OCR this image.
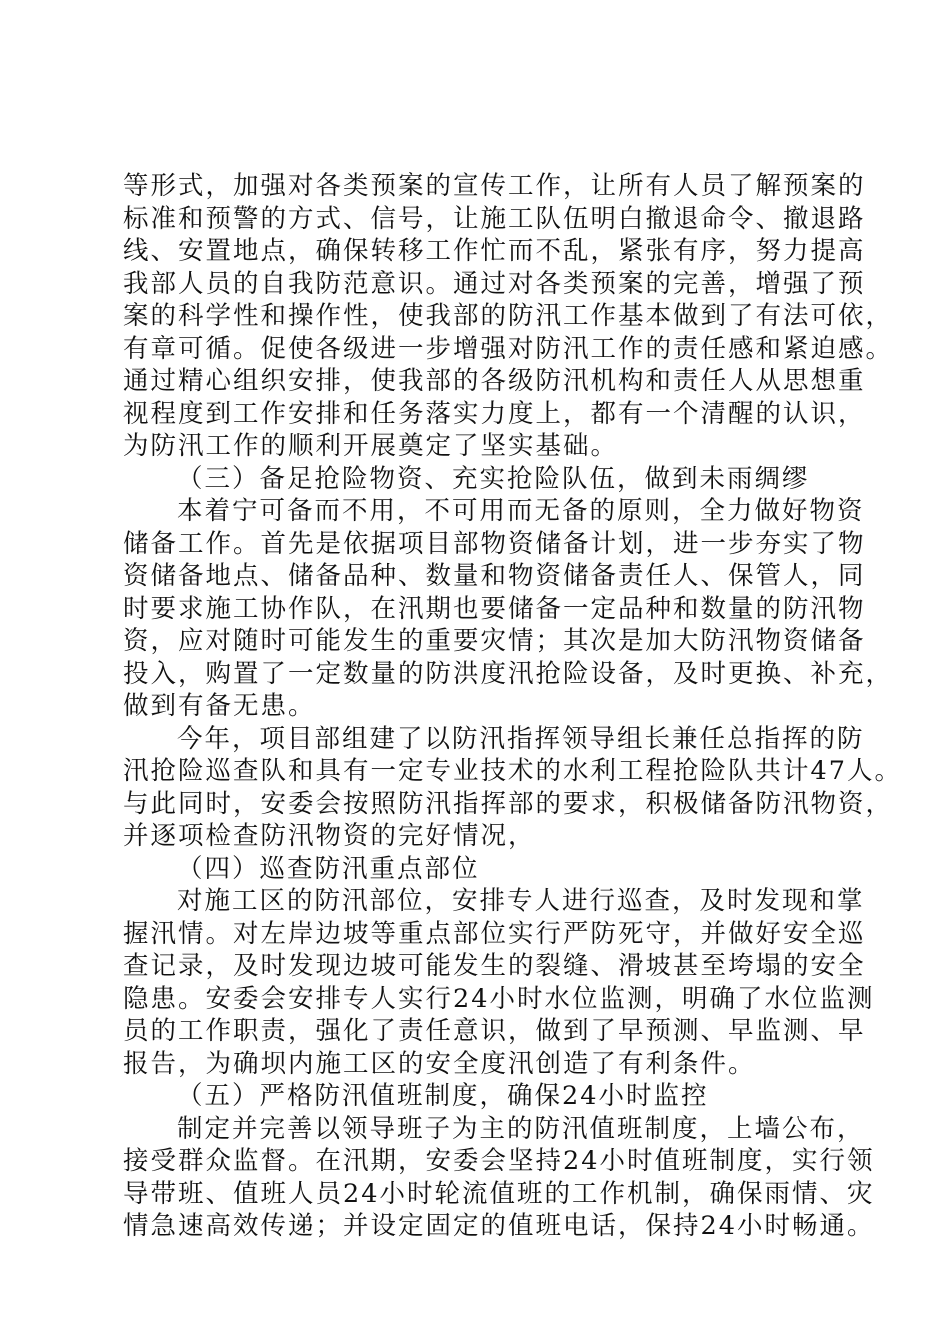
等形式，加强对各类预案的宣传工作，让所有人员了解预案的
标准和预警的方式、信号，让施工队伍明白撤退命令、撤退路
线、安置地点，确保转移工作忙而不乱，紧张有序，努力提高
我部人员的自我防范意识。通过对各类预案的完善，增强了预
案的科学性和操作性，使我部的防汛工作基本做到了有法可依，
有章可循。促使各级进一步增强对防汛工作的责任感和紧迫感。
通过精心组织安排，使我部的各级防汛机构和责任人从思想重
视程度到工作安排和任务落实力度上，都有一个清醒的认识，
为防汛工作的顺利开展奠定了坚实基础。
（三）备足抢险物资、充实抢险队伍，做到未雨绸缪
本着宁可备而不用，不可用而无备的原则，全力做好物资
储备工作。首先是依据项目部物资储备计划，进一步夯实了物
资储备地点、储备品种、数量和物资储备责任人、保管人，同
时要求施工协作队，在汛期也要储备一定品种和数量的防汛物
资，应对随时可能发生的重要灾情；其次是加大防汛物资储备
投入，购置了一定数量的防洪度汛抢险设备，及时更换、补充，
做到有备无患。
今年，项目部组建了以防汛指挥领导组长兼任总指挥的防
汛抢险巡查队和具有一定专业技术的水利工程抢险队共计47人。
与此同时，安委会按照防汛指挥部的要求，积极储备防汛物资，
并逐项检查防汛物资的完好情况，
（四）巡查防汛重点部位
对施工区的防汛部位，安排专人进行巡查，及时发现和掌
握汛情。对左岸边坡等重点部位实行严防死守，并做好安全巡
查记录，及时发现边坡可能发生的裂缝、滑坡甚至垮塌的安全
隐患。安委会安排专人实行24小时水位监测，明确了水位监测
员的工作职责，强化了责任意识，做到了早预测、早监测、早
报告，为确坝内施工区的安全度汛创造了有利条件。
（五）严格防汛值班制度，确保24小时监控
制定并完善以领导班子为主的防汛值班制度，上墙公布，
接受群众监督。在汛期，安委会坚持24小时值班制度，实行领
导带班、值班人员24小时轮流值班的工作机制，确保雨情、灾
情急速高效传递；并设定固定的值班电话，保持24小时畅通。
